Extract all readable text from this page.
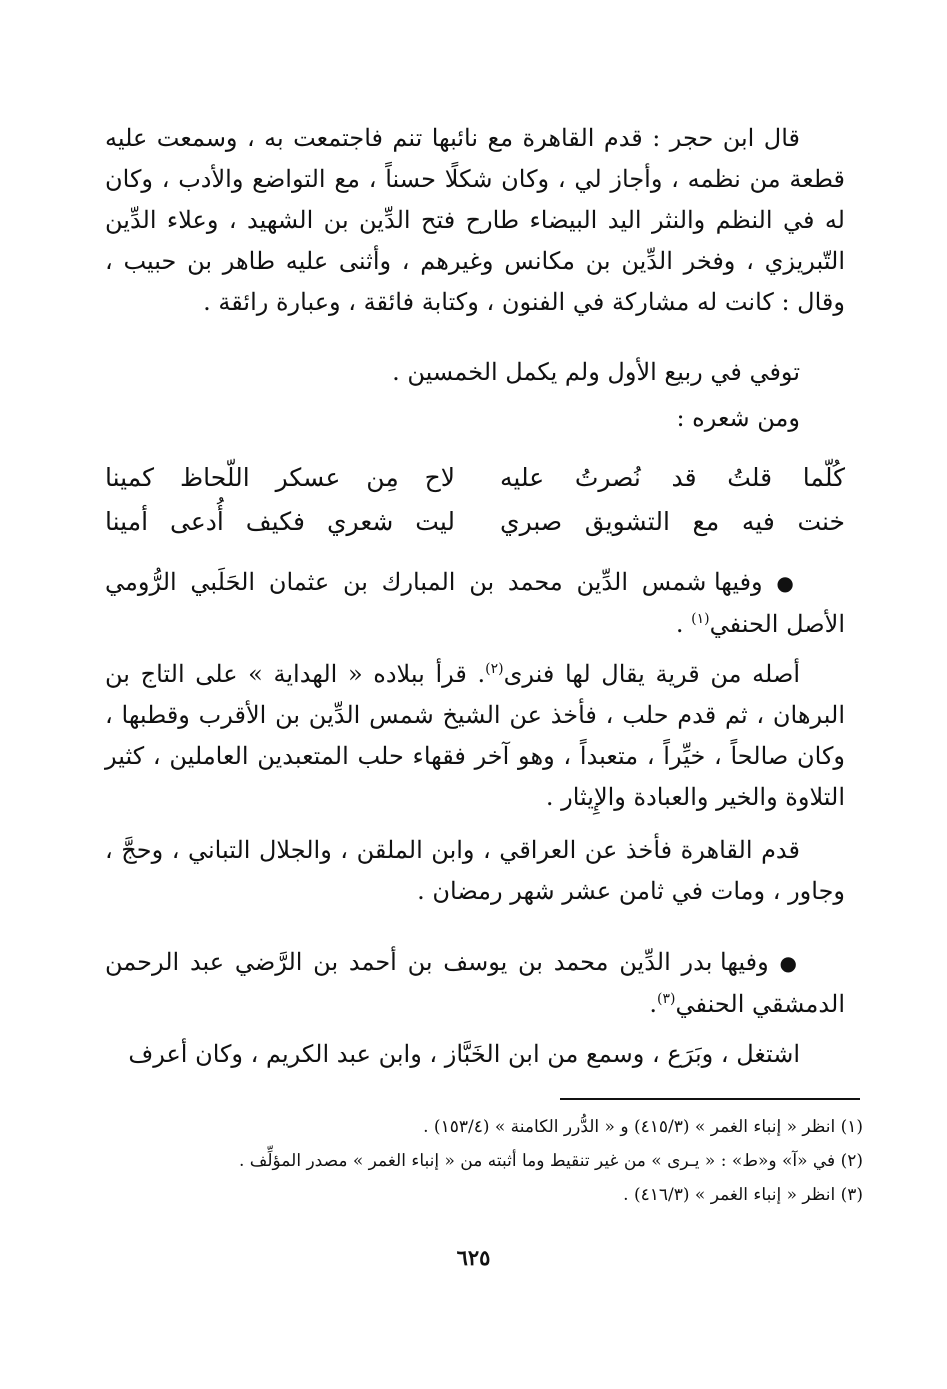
قال ابن حجر : قدم القاهرة مع نائبها تنم فاجتمعت به ، وسمعت عليه قطعة من نظمه ، وأجاز لي ، وكان شكلًا حسناً ، مع التواضع والأدب ، وكان له في النظم والنثر اليد البيضاء طارح فتح الدِّين بن الشهيد ، وعلاء الدِّين التّبريزي ، وفخر الدِّين بن مكانس وغيرهم ، وأثنى عليه طاهر بن حبيب ، وقال : كانت له مشاركة في الفنون ، وكتابة فائقة ، وعبارة رائقة .

توفي في ربيع الأول ولم يكمل الخمسين .

ومن شعره :

كُلّما قلتُ قد نُصرتُ عليه
لاح مِن عسكر اللّحاظ كمينا
خنت فيه مع التشويق صبري
ليت شعري فكيف أُدعى أمينا

● وفيها شمس الدِّين محمد بن المبارك بن عثمان الحَلَبي الرُّومي الأصل الحنفي$^{(١)}$ .

أصله من قرية يقال لها فنرى$^{(٢)}$. قرأ ببلاده « الهداية » على التاج بن البرهان ، ثم قدم حلب ، فأخذ عن الشيخ شمس الدِّين بن الأقرب وقطبها ، وكان صالحاً ، خيِّراً ، متعبداً ، وهو آخر فقهاء حلب المتعبدين العاملين ، كثير التلاوة والخير والعبادة والإِيثار .

قدم القاهرة فأخذ عن العراقي ، وابن الملقن ، والجلال التباني ، وحجَّ ، وجاور ، ومات في ثامن عشر شهر رمضان .

● وفيها بدر الدِّين محمد بن يوسف بن أحمد بن الرَّضي عبد الرحمن الدمشقي الحنفي$^{(٣)}$.

اشتغل ، وبَرَع ، وسمع من ابن الخَبَّاز ، وابن عبد الكريم ، وكان أعرف

(١) انظر « إنباء الغمر » (٤١٥/٣) و « الدُّرر الكامنة » (١٥٣/٤) .

(٢) في «آ» و«ط» : « يـرى » من غير تنقيط وما أثبته من « إنباء الغمر » مصدر المؤلِّف .

(٣) انظر « إنباء الغمر » (٤١٦/٣) .

٦٢٥
